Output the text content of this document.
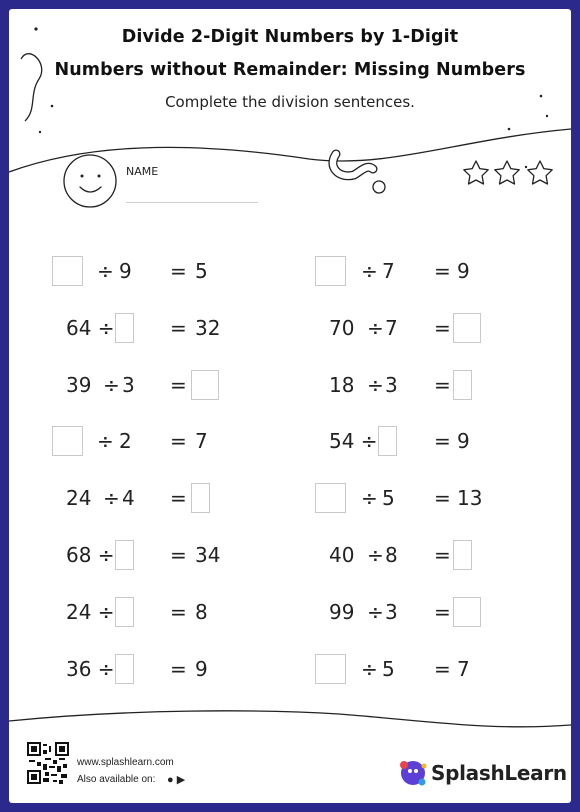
Divide 2-Digit Numbers by 1-Digit
Numbers without Remainder: Missing Numbers
Complete the division sentences.
NAME
÷ 9 = 5
64 ÷	= 32
39 ÷ 3 =
÷ 2 = 7
24 ÷ 4 =
68 ÷	= 34
24 ÷	= 8
36 ÷	= 9
÷ 7 = 9
70 ÷ 7 =
18 ÷ 3 =
54 ÷	= 9
÷ 5 = 13
40 ÷ 8 =
99 ÷ 3 =
÷ 5 = 7
www.splashlearn.com
Also available on: ● ▶	SplashLearn
